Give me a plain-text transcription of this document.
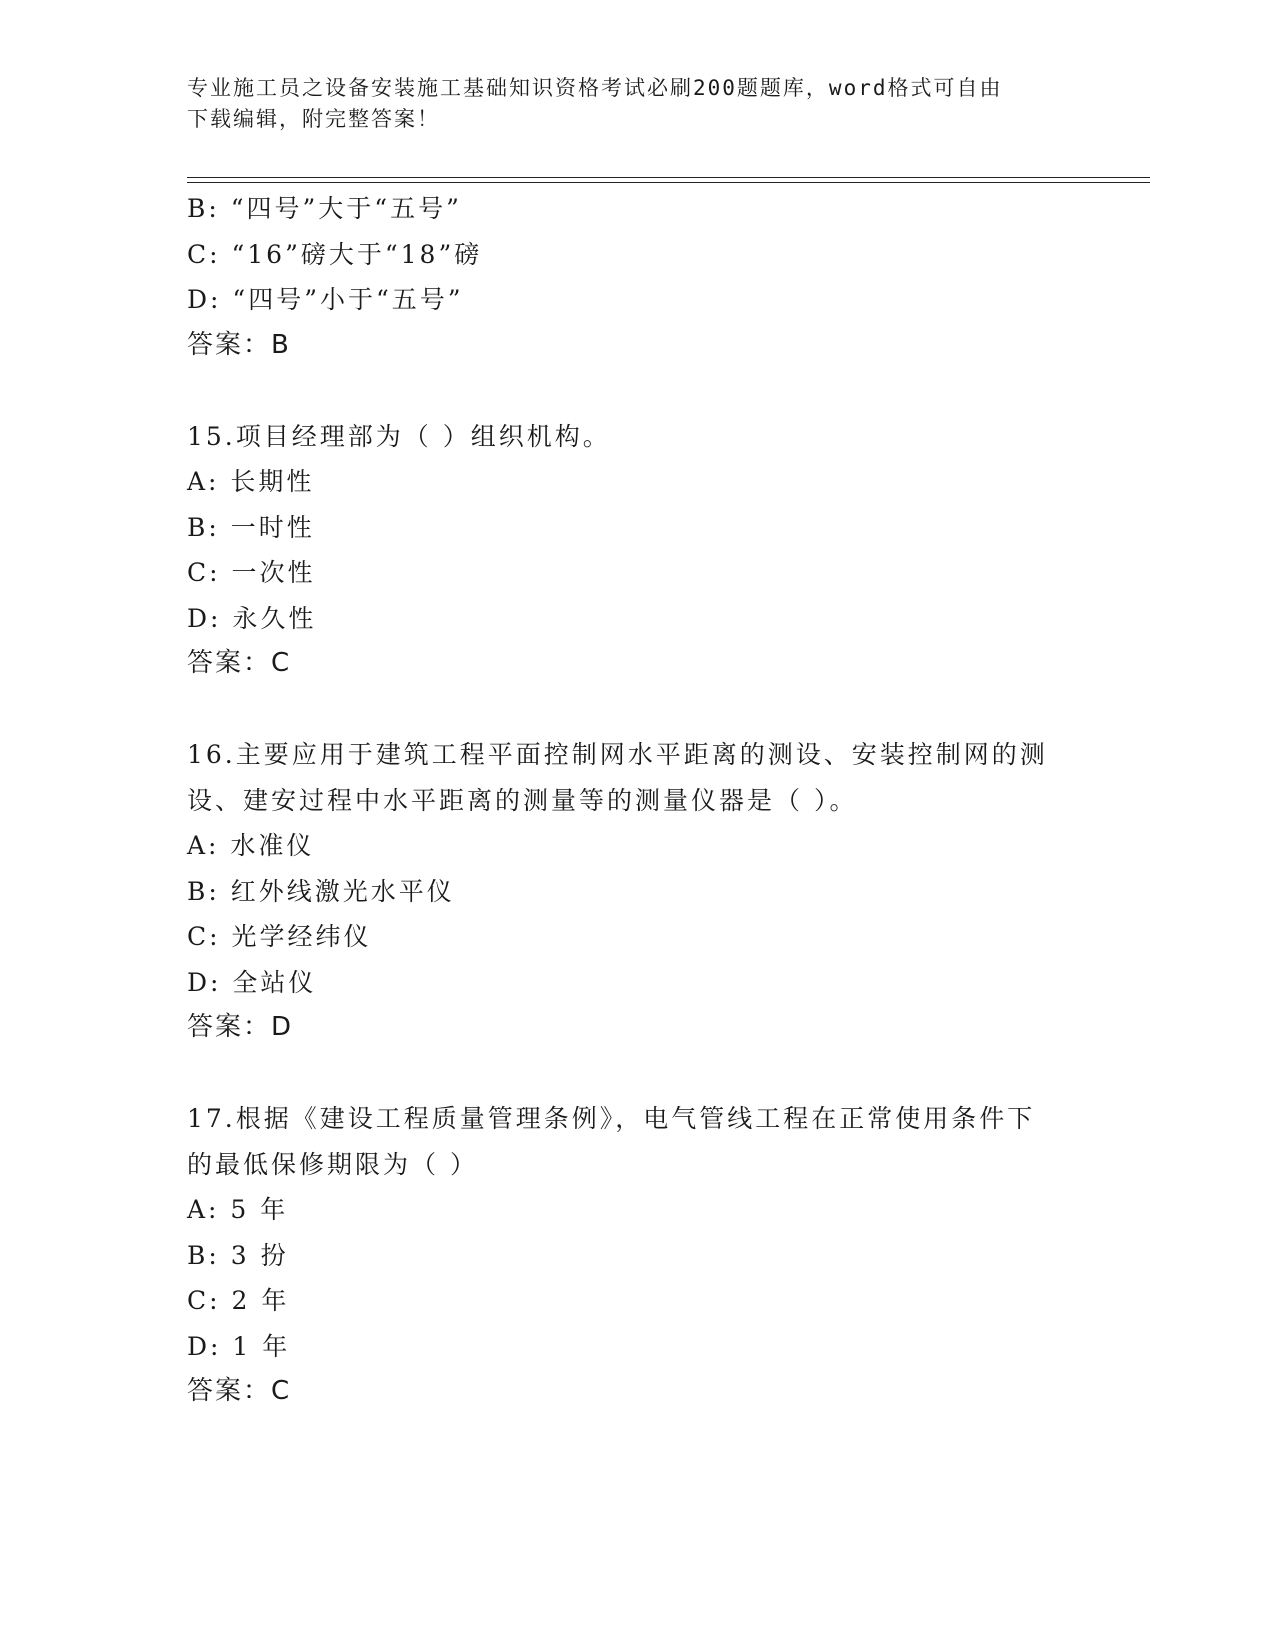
专业施工员之设备安装施工基础知识资格考试必刷200题题库，word格式可自由
下载编辑，附完整答案！
B: “四号”大于“五号”
C: “16”磅大于“18”磅
D: “四号”小于“五号”
答案：B
15.项目经理部为（ ）组织机构。
A: 长期性
B: 一时性
C: 一次性
D: 永久性
答案：C
16.主要应用于建筑工程平面控制网水平距离的测设、安装控制网的测
设、建安过程中水平距离的测量等的测量仪器是（ ）。
A: 水准仪
B: 红外线激光水平仪
C: 光学经纬仪
D: 全站仪
答案：D
17.根据《建设工程质量管理条例》，电气管线工程在正常使用条件下
的最低保修期限为（ ）
A: 5 年
B: 3 扮
C: 2 年
D: 1 年
答案：C
